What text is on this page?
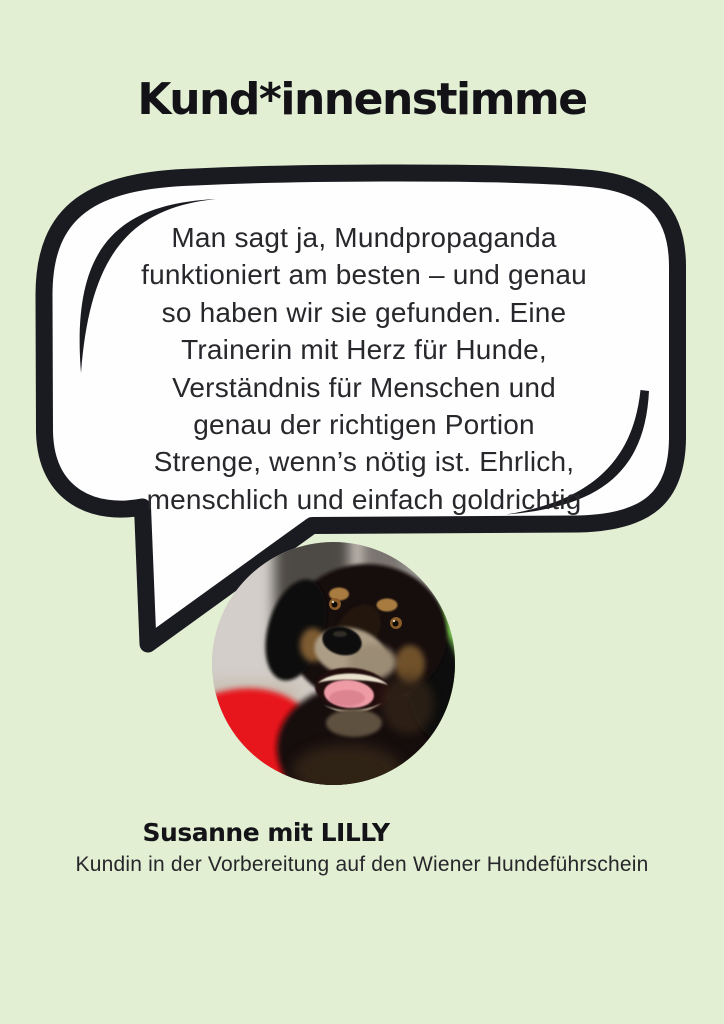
Kund*innenstimme
Man sagt ja, Mundpropaganda
funktioniert am besten – und genau
so haben wir sie gefunden. Eine
Trainerin mit Herz für Hunde,
Verständnis für Menschen und
genau der richtigen Portion
Strenge, wenn’s nötig ist. Ehrlich,
menschlich und einfach goldrichtig
Susanne mit LILLY
Kundin in der Vorbereitung auf den Wiener Hundeführschein
